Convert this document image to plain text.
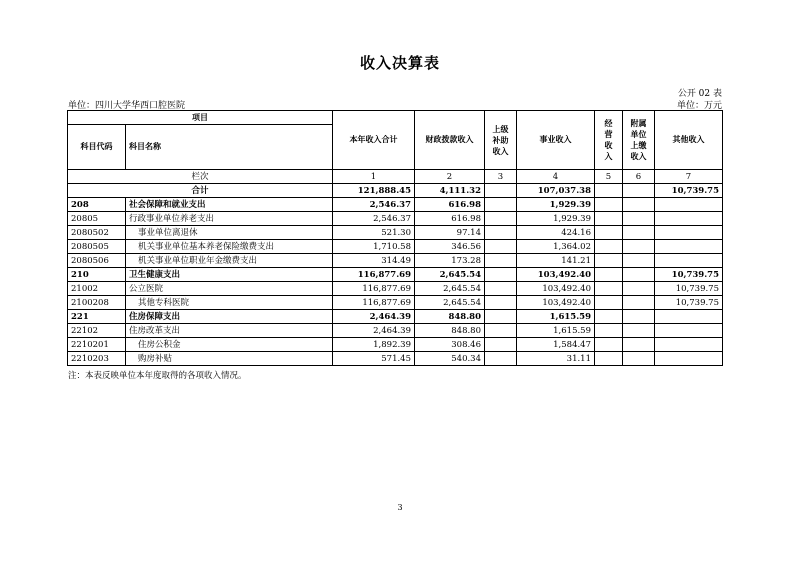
收入决算表
公开 02 表
单位：四川大学华西口腔医院	单位：万元
项目		本年收入合计	财政拨款收入	上级补助收入	事业收入	经营收入	附属单位上缴收入	其他收入
科目代码	科目名称							
栏次		1	2	3	4	5	6	7
合计		121,888.45	4,111.32		107,037.38			10,739.75
208	社会保障和就业支出	2,546.37	616.98		1,929.39			
20805	行政事业单位养老支出	2,546.37	616.98		1,929.39			
2080502	事业单位离退休	521.30	97.14		424.16			
2080505	机关事业单位基本养老保险缴费支出	1,710.58	346.56		1,364.02			
2080506	机关事业单位职业年金缴费支出	314.49	173.28		141.21			
210	卫生健康支出	116,877.69	2,645.54		103,492.40			10,739.75
21002	公立医院	116,877.69	2,645.54		103,492.40			10,739.75
2100208	其他专科医院	116,877.69	2,645.54		103,492.40			10,739.75
221	住房保障支出	2,464.39	848.80		1,615.59			
22102	住房改革支出	2,464.39	848.80		1,615.59			
2210201	住房公积金	1,892.39	308.46		1,584.47			
2210203	购房补贴	571.45	540.34		31.11			
注：本表反映单位本年度取得的各项收入情况。
3
